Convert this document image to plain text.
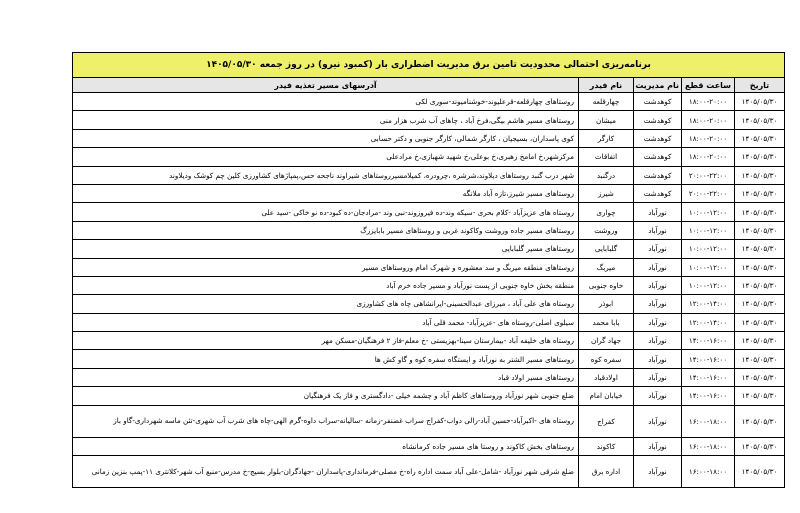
برنامه‌ریزی احتمالی محدودیت تامین برق مدیریت اضطراری بار (کمبود نیرو) در روز جمعه ۱۴۰۵/۰۵/۳۰				
تاریخ	ساعت قطع	نام مدیریت	نام فیدر	آدرسهای مسیر تغذیه فیدر
۱۴۰۵/۰۵/۳۰	۱۸:۰۰-۲۰:۰۰	کوهدشت	چهارقلعه	روستاهای چهارقلعه-قرعلیوند-خوشنامیوند-سوری لکی
۱۴۰۵/۰۵/۳۰	۱۸:۰۰-۲۰:۰۰	کوهدشت	میشان	روستاهای مسیر هاشم بیگی،فرخ آباد ، چاهای آب شرب هزار منی
۱۴۰۵/۰۵/۳۰	۱۸:۰۰-۲۰:۰۰	کوهدشت	کارگر	کوی پاسداران، بسیجیان ، کارگر شمالی، کارگر جنوبی و دکتر حسابی
۱۴۰۵/۰۵/۳۰	۱۸:۰۰-۲۰:۰۰	کوهدشت	اتفاقات	مرکزشهر،خ امامخ رهبری،خ بوعلی،خ شهید شهبازی،خ مرادعلی
۱۴۰۵/۰۵/۳۰	۲۰:۰۰-۲۲:۰۰	کوهدشت	درگنبد	شهر درب گنبد روستاهای دیلاوند،شرشره ،چرودره، کمیلامسیرروستاهای شیراوند ناجحه حس،پمپاژهای کشاورزی کلین چم کوشک ودیلاوند
۱۴۰۵/۰۵/۳۰	۲۰:۰۰-۲۲:۰۰	کوهدشت	شیرز	روستاهای مسیر شیرز،تازه آباد ملانگه
۱۴۰۵/۰۵/۳۰	۱۰:۰۰-۱۲:۰۰	نورآباد	چواری	روستاه های عزیزآباد -کلام بحری -سیکه وند-ده فیروزوند-نبی وند -مرادجان-ده کبود-ده نو خاکی -سید علی
۱۴۰۵/۰۵/۳۰	۱۰:۰۰-۱۲:۰۰	نورآباد	وروشت	روستاهای مسیر جاده وروشت وکاکوند غربی و روستاهای مسیر بابایزرگ
۱۴۰۵/۰۵/۳۰	۱۰:۰۰-۱۲:۰۰	نورآباد	گلبابایی	روستاهای مسیر گلبابایی
۱۴۰۵/۰۵/۳۰	۱۰:۰۰-۱۲:۰۰	نورآباد	میربگ	روستاهای منطقه میربگ و سد معشوره و شهرک امام وروستاهای مسیر
۱۴۰۵/۰۵/۳۰	۱۰:۰۰-۱۲:۰۰	نورآباد	خاوه جنوبی	منطقه بخش خاوه جنوبی از پست نورآباد و مسیر جاده خرم آباد
۱۴۰۵/۰۵/۳۰	۱۲:۰۰-۱۴:۰۰	نورآباد	ابوذر	روستاه های علی آباد ، میرزای عبدالحسینی-ایرانشاهی چاه های کشاورزی
۱۴۰۵/۰۵/۳۰	۱۲:۰۰-۱۴:۰۰	نورآباد	بابا محمد	سیلوی اصلی-روستاه های -عزیزآباد- محمد قلی آباد
۱۴۰۵/۰۵/۳۰	۱۴:۰۰-۱۶:۰۰	نورآباد	جهاد گران	روستاه های خلیفه آباد -بیمارستان سینا-بهزیستی -خ معلم-فاز ۲ فرهنگیان-مسکن مهر
۱۴۰۵/۰۵/۳۰	۱۴:۰۰-۱۶:۰۰	نورآباد	سفره کوه	روستاهای مسیر الشتر به نورآباد و ایستگاه سفره کوه و گاو کش ها
۱۴۰۵/۰۵/۳۰	۱۴:۰۰-۱۶:۰۰	نورآباد	اولادقباد	روستاهای مسیر اولاد قباد
۱۴۰۵/۰۵/۳۰	۱۴:۰۰-۱۶:۰۰	نورآباد	خیابان امام	ضلع جنوبی شهر نورآباد وروستاهای کاظم آباد و چشمه خیلی -دادگستری و فاز یک فرهنگیان
۱۴۰۵/۰۵/۳۰	۱۶:۰۰-۱۸:۰۰	نورآباد	کفراج	روستاه های -اکبرآباد-حسین آباد-رالی دواب-کفراج سراب غضنفر-زمانه -سالیانه-سراب داوه-گرم الهی-چاه های شرب آب شهری-تئن ماسه شهرداری-گاو باز
۱۴۰۵/۰۵/۳۰	۱۶:۰۰-۱۸:۰۰	نورآباد	کاکوند	روستاهای بخش کاکوند و روستا های مسیر جاده کرمانشاه
۱۴۰۵/۰۵/۳۰	۱۶:۰۰-۱۸:۰۰	نورآباد	اداره برق	ضلع شرقی شهر نورآباد -شامل-علی آباد سمت اداره راه-خ مصلی-فرمانداری-پاسداران -جهادگران-بلوار بسیج-خ مدرس-منبع آب شهر-کلانتری ۱۱-پمپ بنزین زمانی
